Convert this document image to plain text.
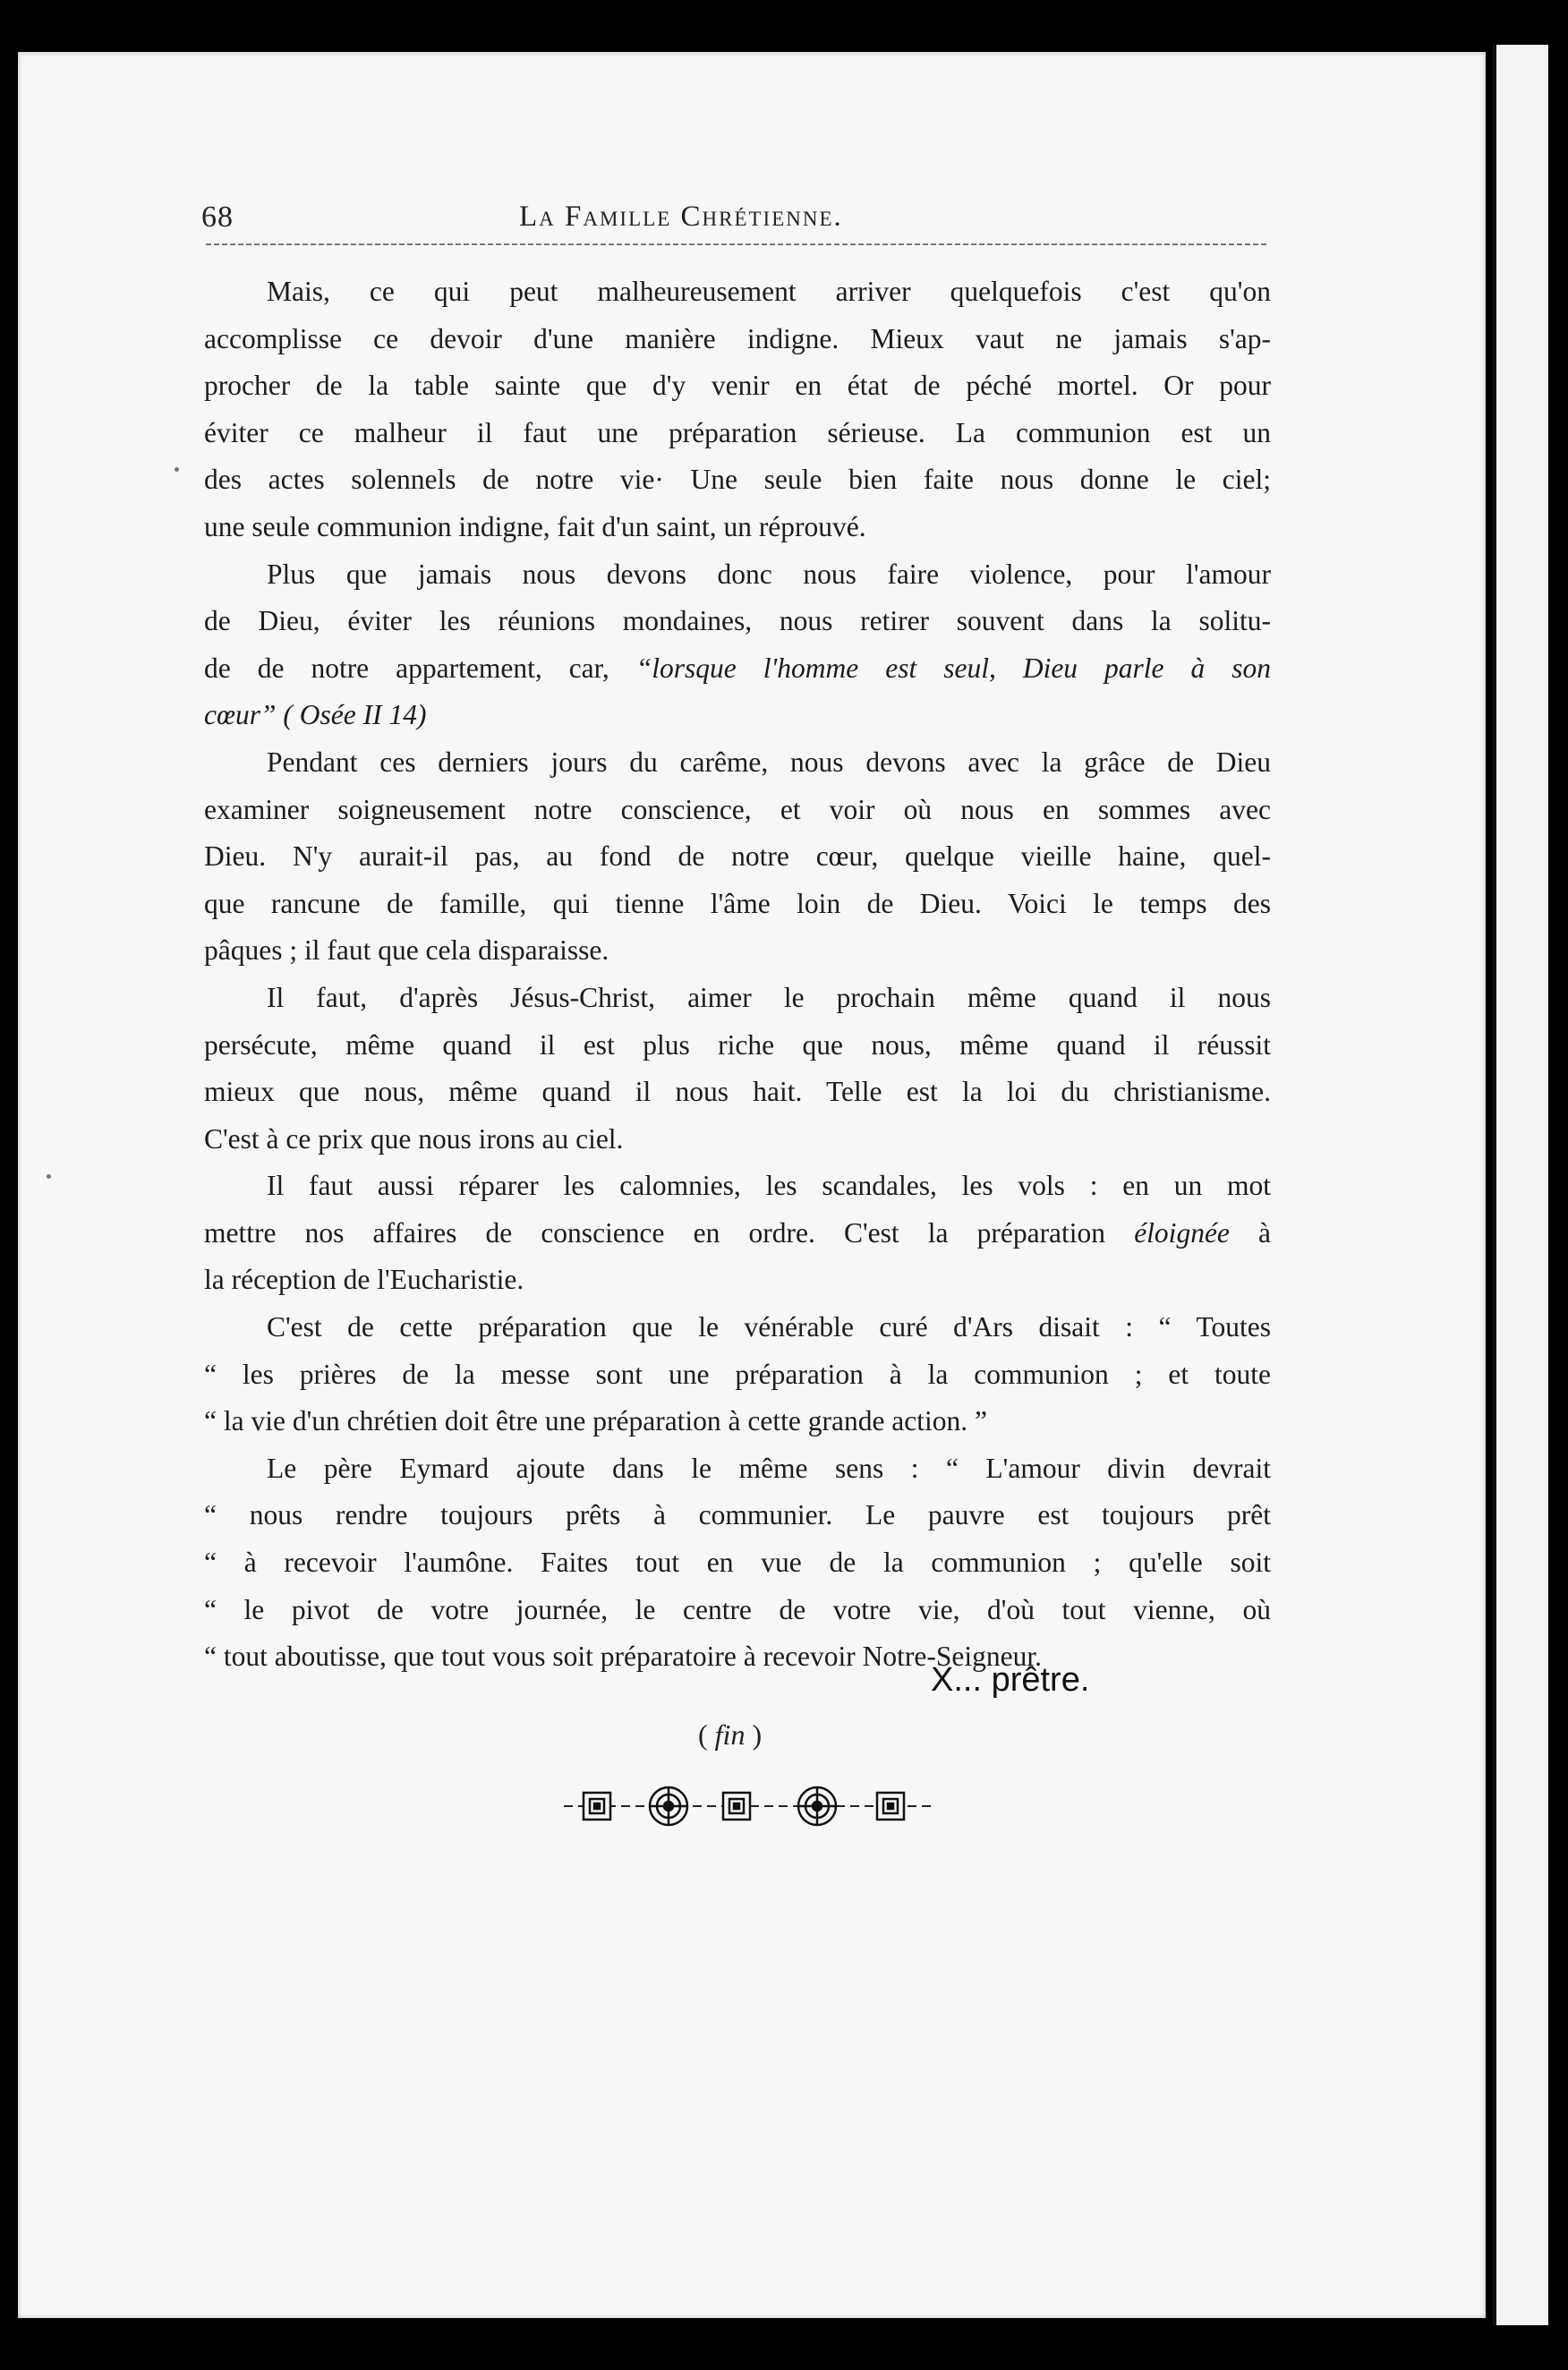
68	La Famille Chrétienne.
Mais, ce qui peut malheureusement arriver quelquefois c'est qu'on
accomplisse ce devoir d'une manière indigne. Mieux vaut ne jamais s'ap-
procher de la table sainte que d'y venir en état de péché mortel. Or pour
éviter ce malheur il faut une préparation sérieuse. La communion est un
des actes solennels de notre vie· Une seule bien faite nous donne le ciel;
une seule communion indigne, fait d'un saint, un réprouvé.
Plus que jamais nous devons donc nous faire violence, pour l'amour
de Dieu, éviter les réunions mondaines, nous retirer souvent dans la solitu-
de de notre appartement, car, “lorsque l'homme est seul, Dieu parle à son
cœur” ( Osée II 14)
Pendant ces derniers jours du carême, nous devons avec la grâce de Dieu
examiner soigneusement notre conscience, et voir où nous en sommes avec
Dieu. N'y aurait-il pas, au fond de notre cœur, quelque vieille haine, quel-
que rancune de famille, qui tienne l'âme loin de Dieu. Voici le temps des
pâques ; il faut que cela disparaisse.
Il faut, d'après Jésus-Christ, aimer le prochain même quand il nous
persécute, même quand il est plus riche que nous, même quand il réussit
mieux que nous, même quand il nous hait. Telle est la loi du christianisme.
C'est à ce prix que nous irons au ciel.
Il faut aussi réparer les calomnies, les scandales, les vols : en un mot
mettre nos affaires de conscience en ordre. C'est la préparation éloignée à
la réception de l'Eucharistie.
C'est de cette préparation que le vénérable curé d'Ars disait : “ Toutes
“ les prières de la messe sont une préparation à la communion ; et toute
“ la vie d'un chrétien doit être une préparation à cette grande action. ”
Le père Eymard ajoute dans le même sens : “ L'amour divin devrait
“ nous rendre toujours prêts à communier. Le pauvre est toujours prêt
“ à recevoir l'aumône. Faites tout en vue de la communion ; qu'elle soit
“ le pivot de votre journée, le centre de votre vie, d'où tout vienne, où
“ tout aboutisse, que tout vous soit préparatoire à recevoir Notre-Seigneur.
X... prêtre.
( fin )
